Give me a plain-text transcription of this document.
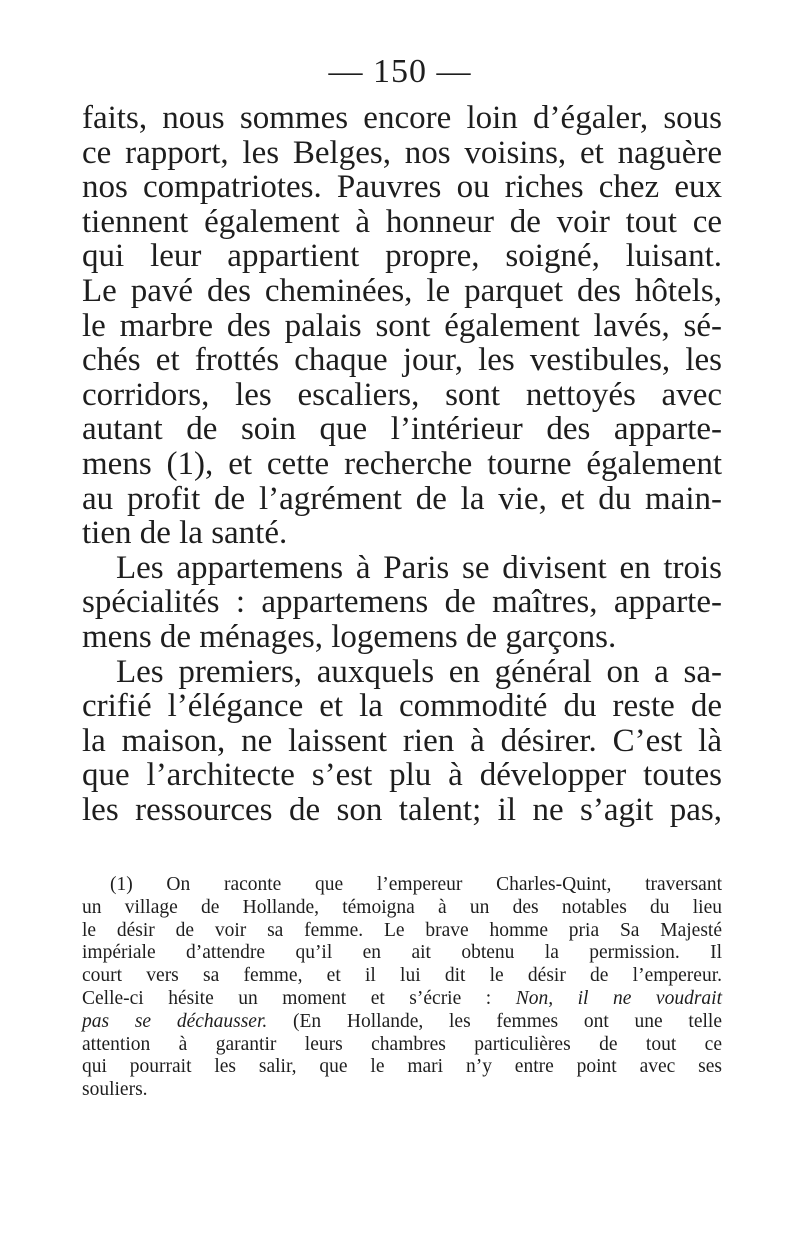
— 150 —
faits, nous sommes encore loin d’égaler, sous
ce rapport, les Belges, nos voisins, et naguère
nos compatriotes. Pauvres ou riches chez eux
tiennent également à honneur de voir tout ce
qui leur appartient propre, soigné, luisant.
Le pavé des cheminées, le parquet des hôtels,
le marbre des palais sont également lavés, sé-
chés et frottés chaque jour, les vestibules, les
corridors, les escaliers, sont nettoyés avec
autant de soin que l’intérieur des apparte-
mens (1), et cette recherche tourne également
au profit de l’agrément de la vie, et du main-
tien de la santé.
Les appartemens à Paris se divisent en trois
spécialités : appartemens de maîtres, apparte-
mens de ménages, logemens de garçons.
Les premiers, auxquels en général on a sa-
crifié l’élégance et la commodité du reste de
la maison, ne laissent rien à désirer. C’est là
que l’architecte s’est plu à développer toutes
les ressources de son talent; il ne s’agit pas,
(1) On raconte que l’empereur Charles-Quint, traversant
un village de Hollande, témoigna à un des notables du lieu
le désir de voir sa femme. Le brave homme pria Sa Majesté
impériale d’attendre qu’il en ait obtenu la permission. Il
court vers sa femme, et il lui dit le désir de l’empereur.
Celle-ci hésite un moment et s’écrie : Non, il ne voudrait
pas se déchausser. (En Hollande, les femmes ont une telle
attention à garantir leurs chambres particulières de tout ce
qui pourrait les salir, que le mari n’y entre point avec ses
souliers.
